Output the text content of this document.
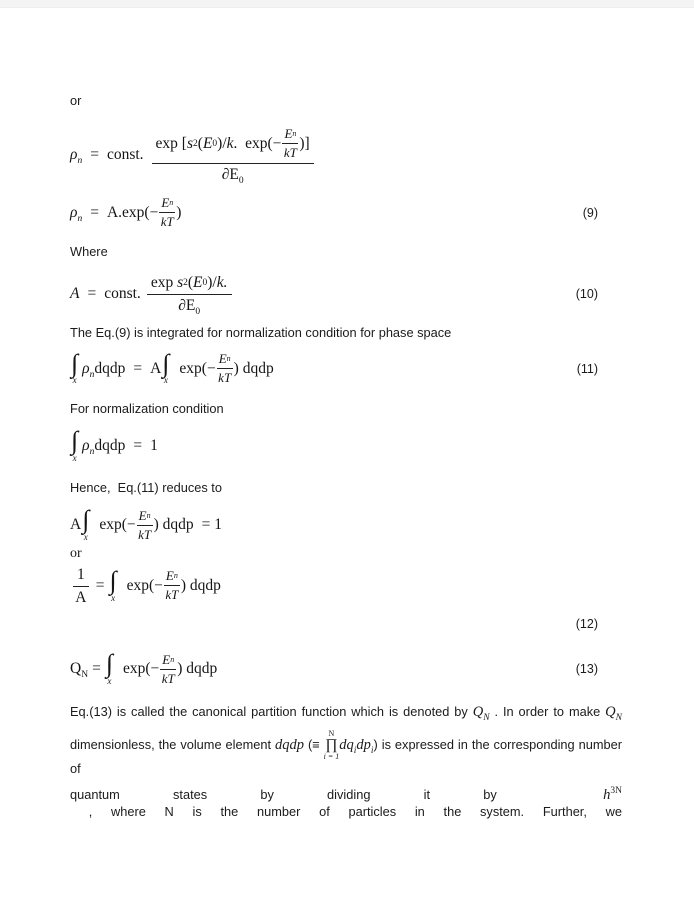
or
$\rho_n$ = const.
exp [ s 2 ( E 0 )/ k .  $\exp(- \frac{\text{E n}}{kT}$ )]
$\partial E_0$
$\rho_n = A.\exp(- \frac{\text{E n}}{kT}$ )	(9)
Where
A = const. $\frac{\text{exp s 2 ( E 0 )/ k.}}{\partial E_0}$	(10)
The Eq.(9) is integrated for normalization condition for phase space
∫
x
$\rho_n$ dqdp = A ∫
x
$\exp(- \frac{\text{E n}}{kT}$ ) dqdp	(11)
For normalization condition
∫
x
$\rho_n$ dqdp = 1
Hence,  Eq.(11) reduces to
A ∫
x
$\exp(- \frac{\text{E n}}{kT}$ ) dqdp = 1
or
$\frac{1}{A}$ = ∫
x
$\exp(- \frac{\text{E n}}{kT}$ ) dqdp
(12)
$Q_N$ = ∫
x
$\exp(- \frac{\text{E n}}{kT}$ ) dqdp	(13)
Eq.(13) is called the canonical partition function which is denoted by $Q_N$ . In order to make $Q_N$
dimensionless, the volume element dqdp (≡
N
∏
i = 1
$dq_idp_i$) is expressed in the corresponding number of
quantum states by dividing it by  $h^{3N}$ , where N is the number of particles in the system. Further, we
